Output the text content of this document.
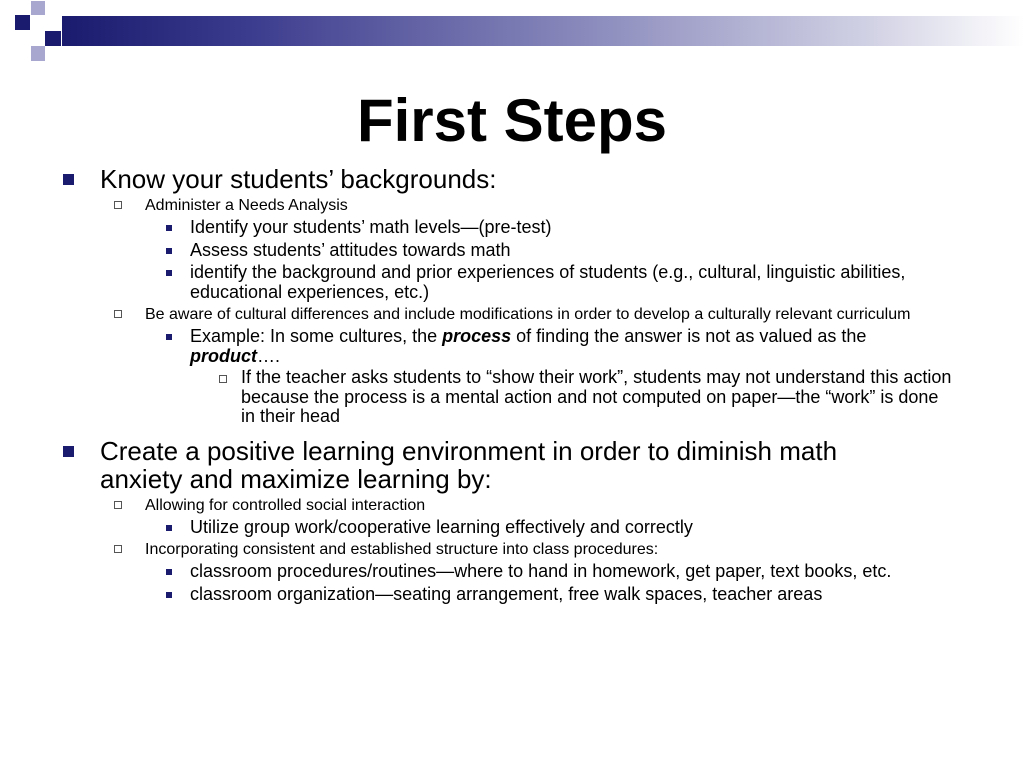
First Steps
Know your students’ backgrounds:
Administer a Needs Analysis
Identify your students’ math levels—(pre-test)
Assess students’ attitudes towards math
identify the background and prior experiences of students (e.g., cultural, linguistic abilities, educational experiences, etc.)
Be aware of cultural differences and include modifications in order to develop a culturally relevant curriculum
Example: In some cultures, the process of finding the answer is not as valued as the product….
If the teacher asks students to “show their work”, students may not understand this action because the process is a mental action and not computed on paper—the “work” is done in their head
Create a positive learning environment in order to diminish math anxiety and maximize learning by:
Allowing for controlled social interaction
Utilize group work/cooperative learning effectively and correctly
Incorporating consistent and established structure into class procedures:
classroom procedures/routines—where to hand in homework, get paper, text books, etc.
classroom organization—seating arrangement, free walk spaces, teacher areas
